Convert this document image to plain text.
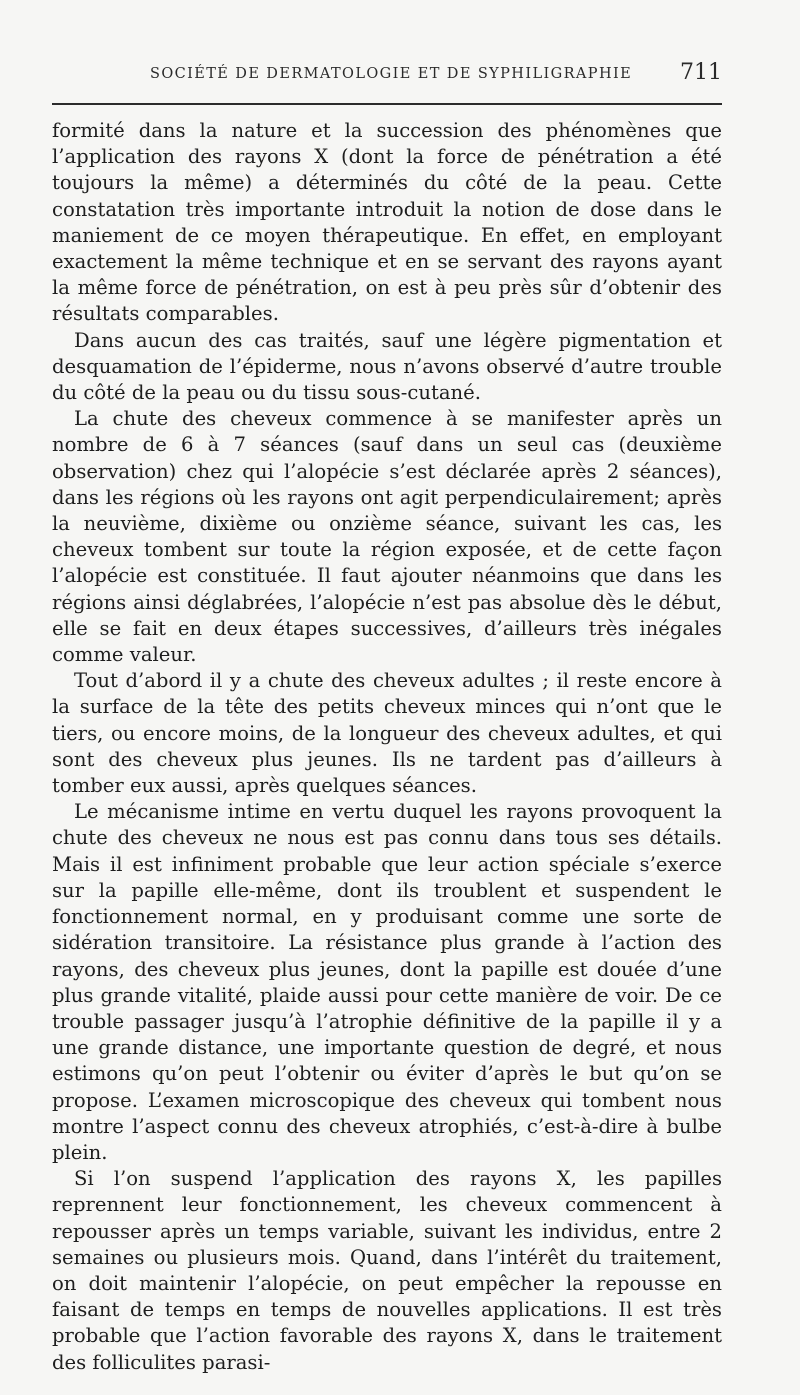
SOCIÉTÉ DE DERMATOLOGIE ET DE SYPHILIGRAPHIE 711

formité dans la nature et la succession des phénomènes que l’application des rayons X (dont la force de pénétration a été toujours la même) a déterminés du côté de la peau. Cette constatation très importante introduit la notion de dose dans le maniement de ce moyen thérapeutique. En effet, en employant exactement la même technique et en se servant des rayons ayant la même force de pénétration, on est à peu près sûr d’obtenir des résultats comparables.

Dans aucun des cas traités, sauf une légère pigmentation et desquamation de l’épiderme, nous n’avons observé d’autre trouble du côté de la peau ou du tissu sous-cutané.

La chute des cheveux commence à se manifester après un nombre de 6 à 7 séances (sauf dans un seul cas (deuxième observation) chez qui l’alopécie s’est déclarée après 2 séances), dans les régions où les rayons ont agit perpendiculairement; après la neuvième, dixième ou onzième séance, suivant les cas, les cheveux tombent sur toute la région exposée, et de cette façon l’alopécie est constituée. Il faut ajouter néanmoins que dans les régions ainsi déglabrées, l’alopécie n’est pas absolue dès le début, elle se fait en deux étapes successives, d’ailleurs très inégales comme valeur.

Tout d’abord il y a chute des cheveux adultes ; il reste encore à la surface de la tête des petits cheveux minces qui n’ont que le tiers, ou encore moins, de la longueur des cheveux adultes, et qui sont des cheveux plus jeunes. Ils ne tardent pas d’ailleurs à tomber eux aussi, après quelques séances.

Le mécanisme intime en vertu duquel les rayons provoquent la chute des cheveux ne nous est pas connu dans tous ses détails. Mais il est infiniment probable que leur action spéciale s’exerce sur la papille elle-même, dont ils troublent et suspendent le fonctionnement normal, en y produisant comme une sorte de sidération transitoire. La résistance plus grande à l’action des rayons, des cheveux plus jeunes, dont la papille est douée d’une plus grande vitalité, plaide aussi pour cette manière de voir. De ce trouble passager jusqu’à l’atrophie définitive de la papille il y a une grande distance, une importante question de degré, et nous estimons qu’on peut l’obtenir ou éviter d’après le but qu’on se propose. L’examen microscopique des cheveux qui tombent nous montre l’aspect connu des cheveux atrophiés, c’est-à-dire à bulbe plein.

Si l’on suspend l’application des rayons X, les papilles reprennent leur fonctionnement, les cheveux commencent à repousser après un temps variable, suivant les individus, entre 2 semaines ou plusieurs mois. Quand, dans l’intérêt du traitement, on doit maintenir l’alopécie, on peut empêcher la repousse en faisant de temps en temps de nouvelles applications. Il est très probable que l’action favorable des rayons X, dans le traitement des folliculites parasi-
